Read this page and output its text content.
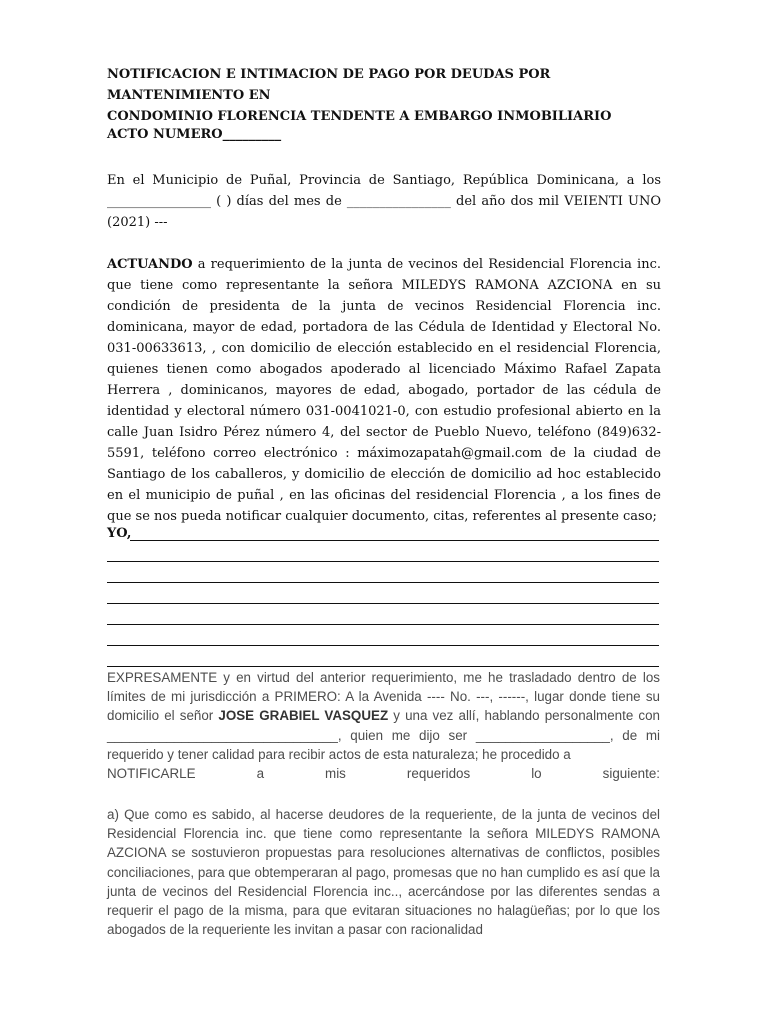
NOTIFICACION E INTIMACION DE PAGO POR DEUDAS POR MANTENIMIENTO EN
CONDOMINIO FLORENCIA TENDENTE A EMBARGO INMOBILIARIO
ACTO NUMERO_________
En el Municipio de Puñal, Provincia de Santiago, República Dominicana, a los ________________ ( ) días del mes de ________________ del año dos mil VEIENTI UNO (2021) ---
ACTUANDO a requerimiento de la junta de vecinos del Residencial Florencia inc. que tiene como representante la señora MILEDYS RAMONA AZCIONA en su condición de presidenta de la junta de vecinos Residencial Florencia inc. dominicana, mayor de edad, portadora de las Cédula de Identidad y Electoral No. 031-00633613, , con domicilio de elección establecido en el residencial Florencia, quienes tienen como abogados apoderado al licenciado Máximo Rafael Zapata Herrera , dominicanos, mayores de edad, abogado, portador de las cédula de identidad y electoral número 031-0041021-0, con estudio profesional abierto en la calle Juan Isidro Pérez número 4, del sector de Pueblo Nuevo, teléfono (849)632-5591, teléfono correo electrónico : máximozapatah@gmail.com de la ciudad de Santiago de los caballeros, y domicilio de elección de domicilio ad hoc establecido en el municipio de puñal , en las oficinas del residencial Florencia , a los fines de que se nos pueda notificar cualquier documento, citas, referentes al presente caso;
YO,
EXPRESAMENTE y en virtud del anterior requerimiento, me he trasladado dentro de los límites de mi jurisdicción a PRIMERO: A la Avenida ---- No. ---, ------, lugar donde tiene su domicilio el señor JOSE GRABIEL VASQUEZ y una vez allí, hablando personalmente con _______________________________, quien me dijo ser __________________, de mi requerido y tener calidad para recibir actos de esta naturaleza; he procedido a
NOTIFICARLE a mis requeridos lo siguiente:
a) Que como es sabido, al hacerse deudores de la requeriente, de la junta de vecinos del Residencial Florencia inc. que tiene como representante la señora MILEDYS RAMONA AZCIONA se sostuvieron propuestas para resoluciones alternativas de conflictos, posibles conciliaciones, para que obtemperaran al pago, promesas que no han cumplido es así que la junta de vecinos del Residencial Florencia inc.., acercándose por las diferentes sendas a requerir el pago de la misma, para que evitaran situaciones no halagüeñas; por lo que los abogados de la requeriente les invitan a pasar con racionalidad
